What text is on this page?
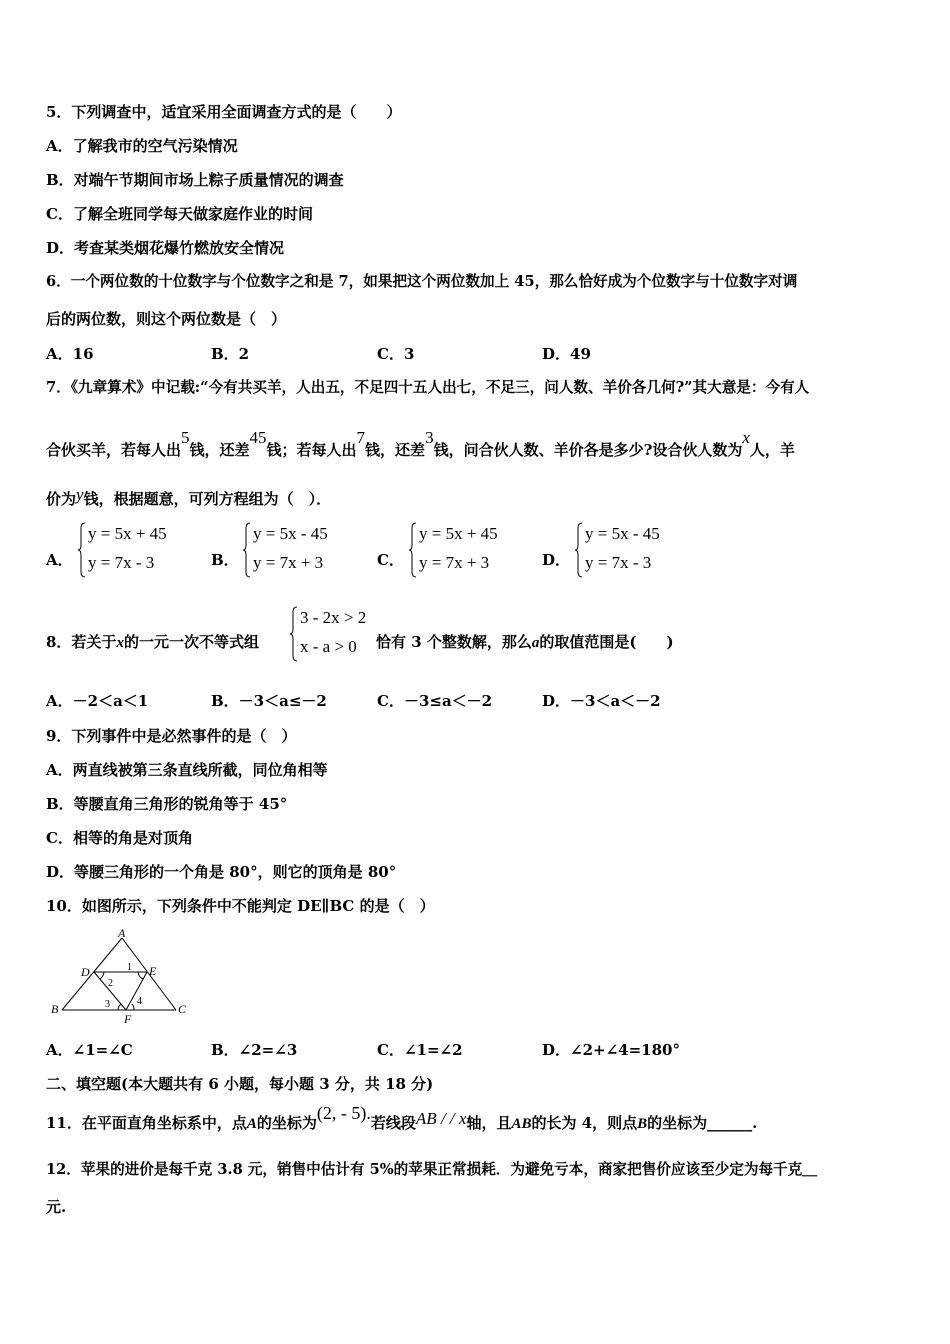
5．下列调查中，适宜采用全面调查方式的是（　　）
A．了解我市的空气污染情况
B．对端午节期间市场上粽子质量情况的调查
C．了解全班同学每天做家庭作业的时间
D．考查某类烟花爆竹燃放安全情况
6．一个两位数的十位数字与个位数字之和是 7，如果把这个两位数加上 45，那么恰好成为个位数字与十位数字对调
后的两位数，则这个两位数是（　）
A．16	B．2	C．3	D．49
7．《九章算术》中记载:“今有共买羊，人出五，不足四十五人出七，不足三，问人数、羊价各几何?”其大意是：今有人
合伙买羊，若每人出5钱，还差45钱；若每人出7钱，还差3钱，问合伙人数、羊价各是多少?设合伙人数为x人，羊
价为y钱，根据题意，可列方程组为（　）．
A．
y = 5x + 45
y = 7x - 3	B．
y = 5x - 45
y = 7x + 3	C．
y = 5x + 45
y = 7x + 3	D．
y = 5x - 45
y = 7x - 3
8．若关于x的一元一次不等式组
3 - 2x > 2
x - a > 0 恰有 3 个整数解，那么a的取值范围是(　　)
A．－2＜a＜1	B．－3＜a≤－2	C．－3≤a＜－2	D．－3＜a＜－2
9．下列事件中是必然事件的是（　）
A．两直线被第三条直线所截，同位角相等
B．等腰直角三角形的锐角等于 45°
C．相等的角是对顶角
D．等腰三角形的一个角是 80°，则它的顶角是 80°
10．如图所示，下列条件中不能判定 DE∥BC 的是（　）
A
B	C
D	E
F
1
2
3	4
A．∠1=∠C	B．∠2=∠3	C．∠1=∠2	D．∠2+∠4=180°
二、填空题(本大题共有 6 小题，每小题 3 分，共 18 分)
11．在平面直角坐标系中，点A的坐标为(2, - 5).若线段AB / / x轴，且AB的长为 4，则点B的坐标为______.
12．苹果的进价是每千克 3.8 元，销售中估计有 5%的苹果正常损耗．为避免亏本，商家把售价应该至少定为每千克＿
元.
